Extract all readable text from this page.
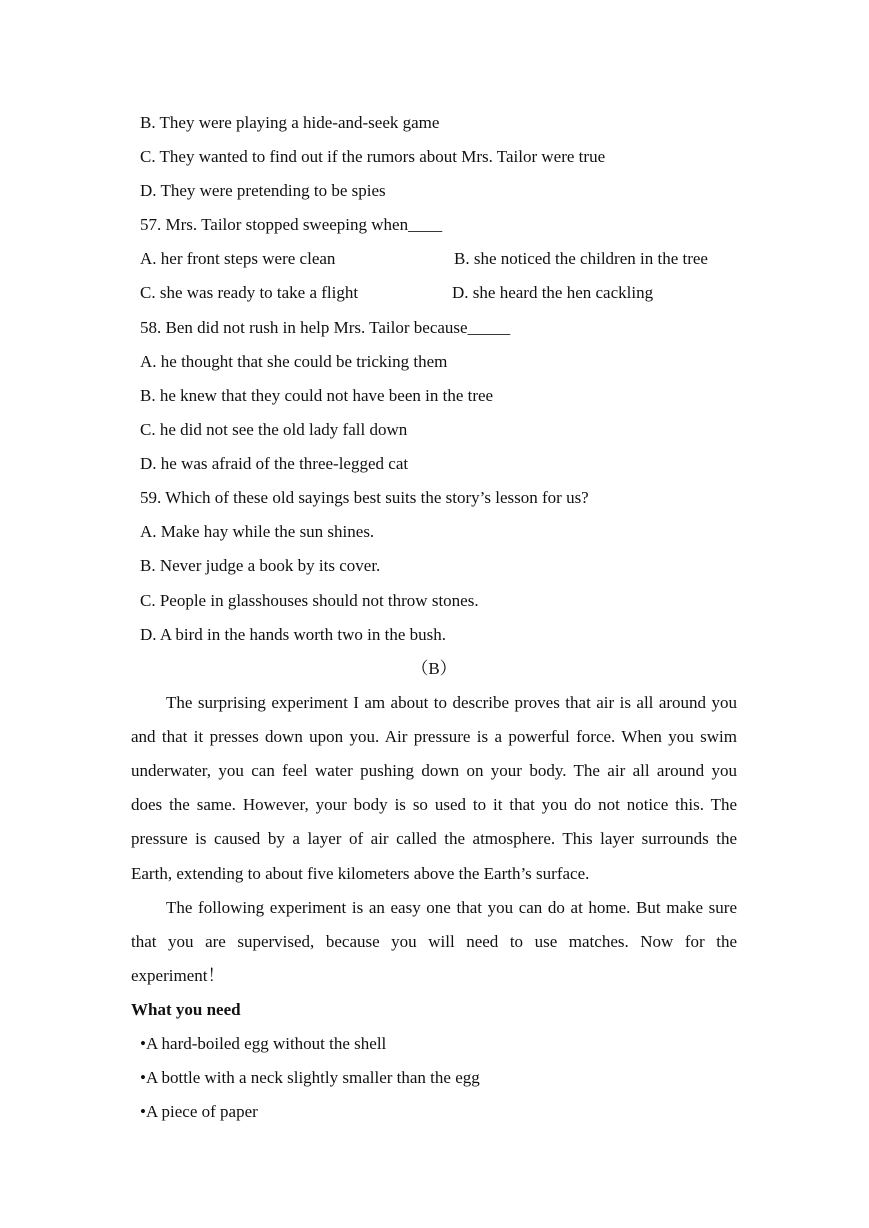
B. They were playing a hide-and-seek game
C. They wanted to find out if the rumors about Mrs. Tailor were true
D. They were pretending to be spies
57. Mrs. Tailor stopped sweeping when____
A. her front steps were clean	B. she noticed the children in the tree
C. she was ready to take a flight	D. she heard the hen cackling
58. Ben did not rush in help Mrs. Tailor because_____
A. he thought that she could be tricking them
B. he knew that they could not have been in the tree
C. he did not see the old lady fall down
D. he was afraid of the three-legged cat
59. Which of these old sayings best suits the story’s lesson for us?
A. Make hay while the sun shines.
B. Never judge a book by its cover.
C. People in glasshouses should not throw stones.
D. A bird in the hands worth two in the bush.
（B）
The surprising experiment I am about to describe proves that air is all around you
and that it presses down upon you. Air pressure is a powerful force. When you swim
underwater, you can feel water pushing down on your body. The air all around you
does the same. However, your body is so used to it that you do not notice this. The
pressure is caused by a layer of air called the atmosphere. This layer surrounds the
Earth, extending to about five kilometers above the Earth’s surface.
The following experiment is an easy one that you can do at home. But make sure
that you are supervised, because you will need to use matches. Now for the
experiment！
What you need
•A hard-boiled egg without the shell
•A bottle with a neck slightly smaller than the egg
•A piece of paper
